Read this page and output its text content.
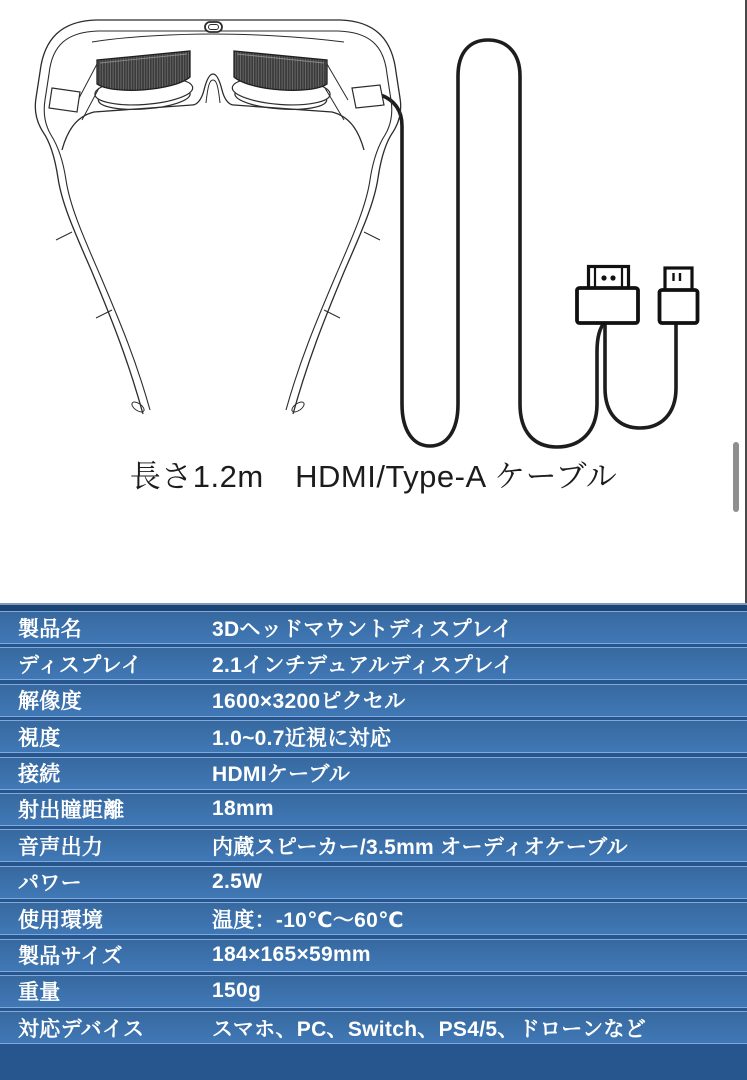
長さ1.2m　HDMI/Type-A ケーブル
製品名	3Dヘッドマウントディスプレイ
ディスプレイ	2.1インチデュアルディスプレイ
解像度	1600×3200ピクセル
視度	1.0~0.7近視に対応
接続	HDMIケーブル
射出瞳距離	18mm
音声出力	内蔵スピーカー/3.5mm オーディオケーブル
パワー	2.5W
使用環境	温度：-10℃〜60℃
製品サイズ	184×165×59mm
重量	150g
対応デバイス	スマホ、PC、Switch、PS4/5、ドローンなど
